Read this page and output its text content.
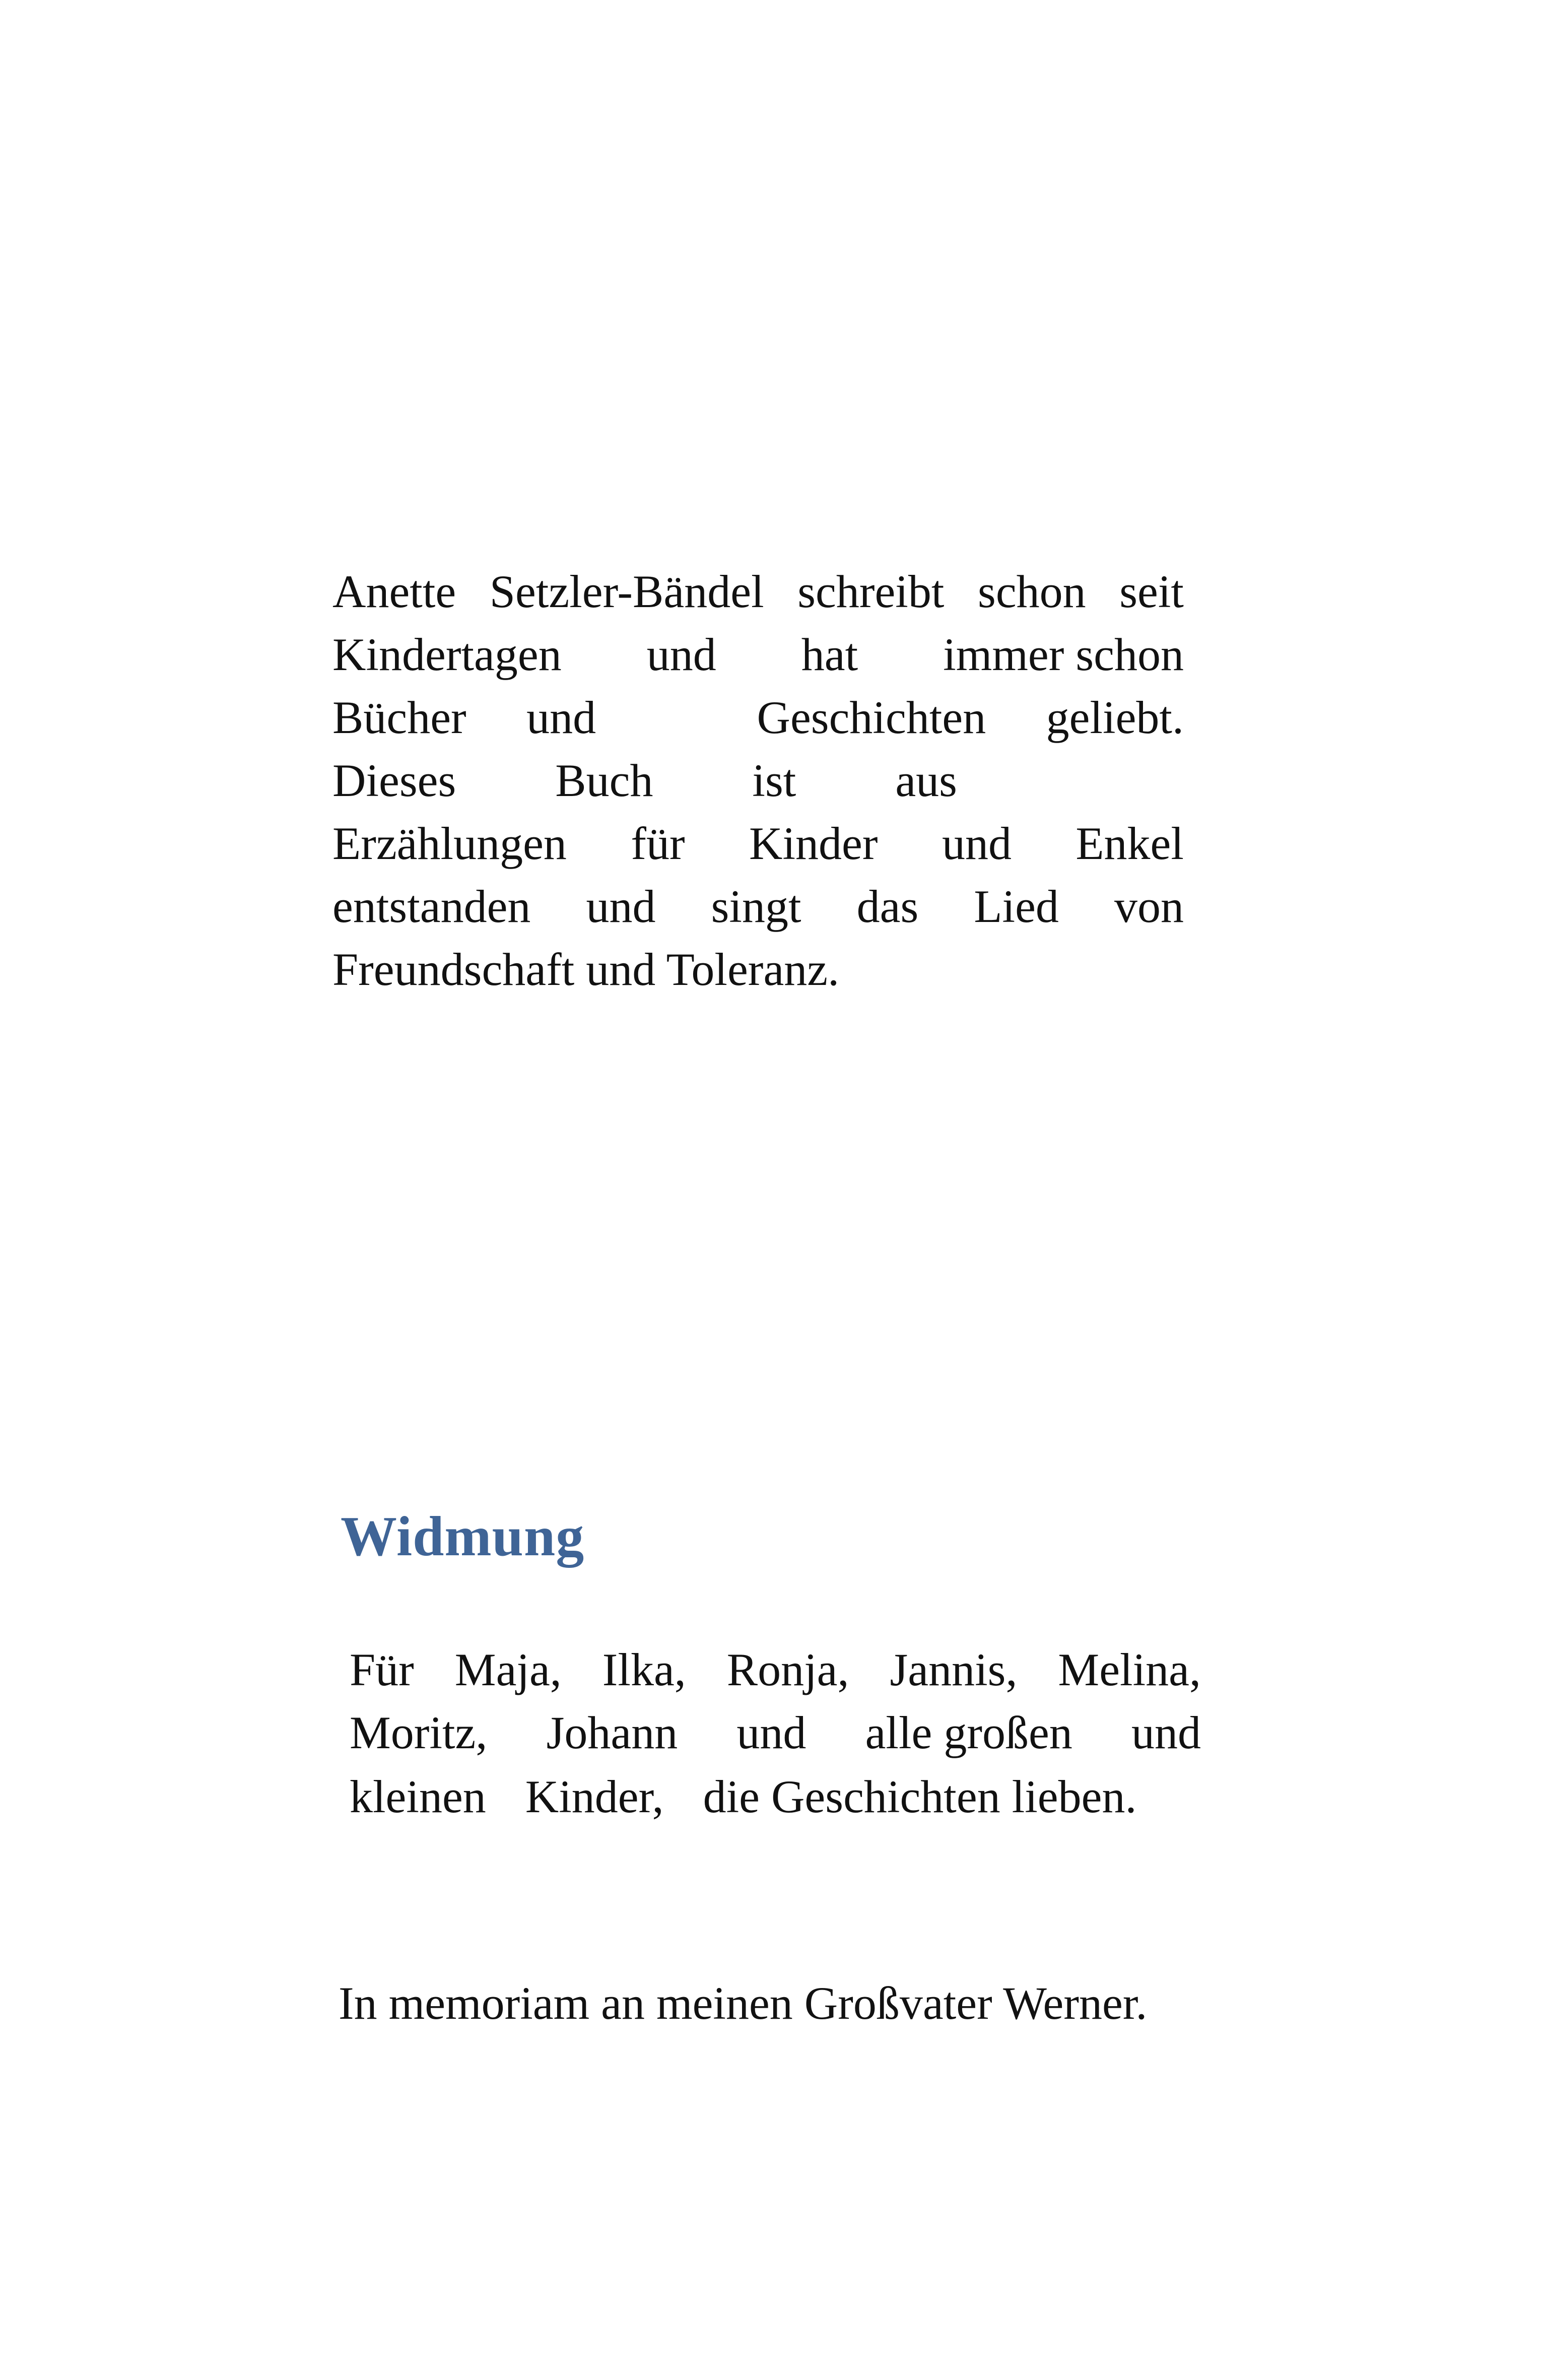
Anette Setzler-Bändel schreibt schon seit
Kindertagen und hat immer schon
Bücher und	Geschichten geliebt.
Dieses Buch ist aus
Erzählungen für Kinder und Enkel
entstanden und singt das Lied von
Freundschaft und Toleranz.
Widmung
Für Maja, Ilka, Ronja, Jannis, Melina,
Moritz, Johann und alle großen und
kleinen Kinder, die Geschichten lieben.

In memoriam an meinen Großvater Werner.
